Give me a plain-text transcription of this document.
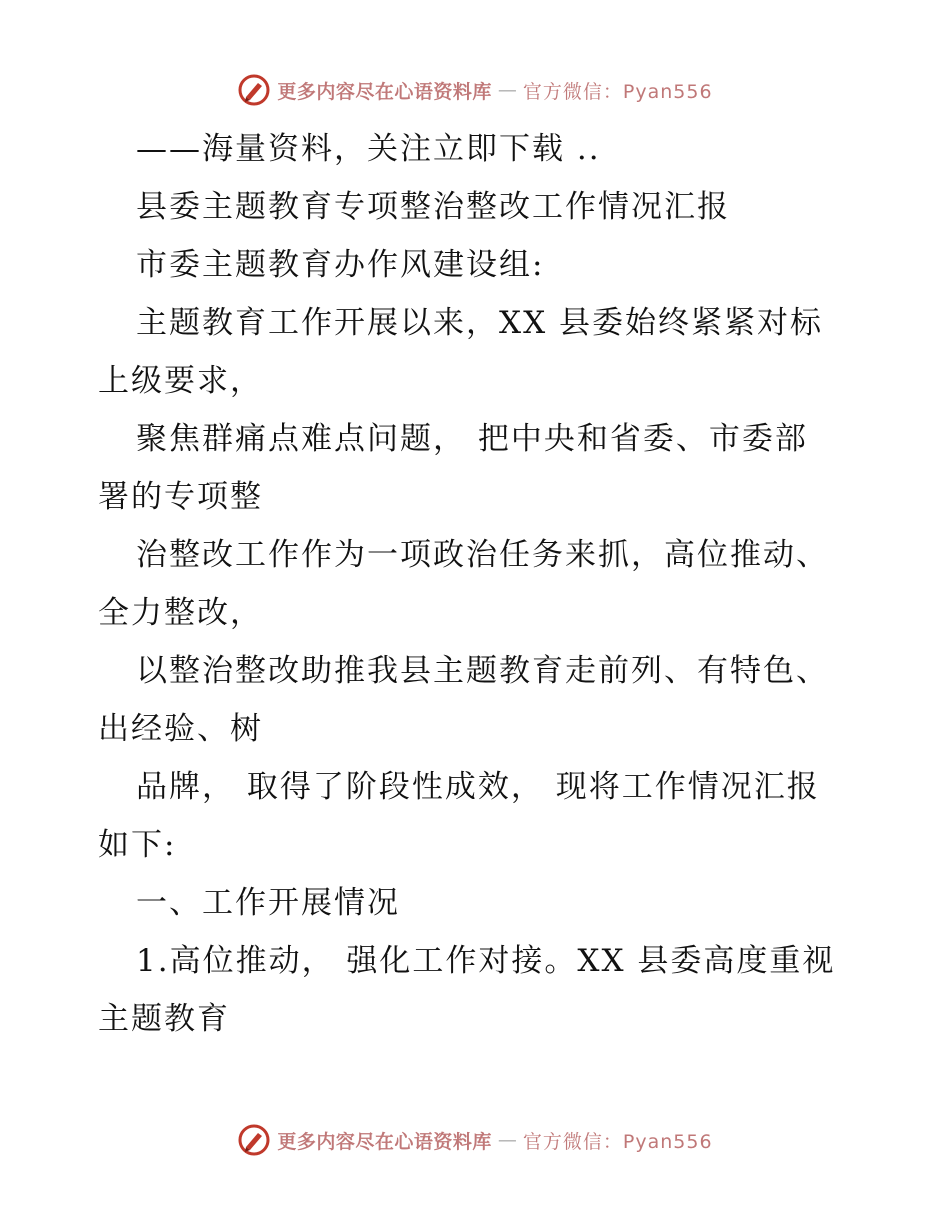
更多内容尽在心语资料库 — 官方微信：Pyan556
——海量资料，关注立即下载 ..
县委主题教育专项整治整改工作情况汇报
市委主题教育办作风建设组:
主题教育工作开展以来，XX 县委始终紧紧对标
上级要求，
聚焦群痛点难点问题， 把中央和省委、市委部
署的专项整
治整改工作作为一项政治任务来抓，高位推动、
全力整改，
以整治整改助推我县主题教育走前列、有特色、
出经验、树
品牌， 取得了阶段性成效， 现将工作情况汇报
如下:
一、工作开展情况
1.高位推动， 强化工作对接。XX 县委高度重视
主题教育
更多内容尽在心语资料库 — 官方微信：Pyan556
